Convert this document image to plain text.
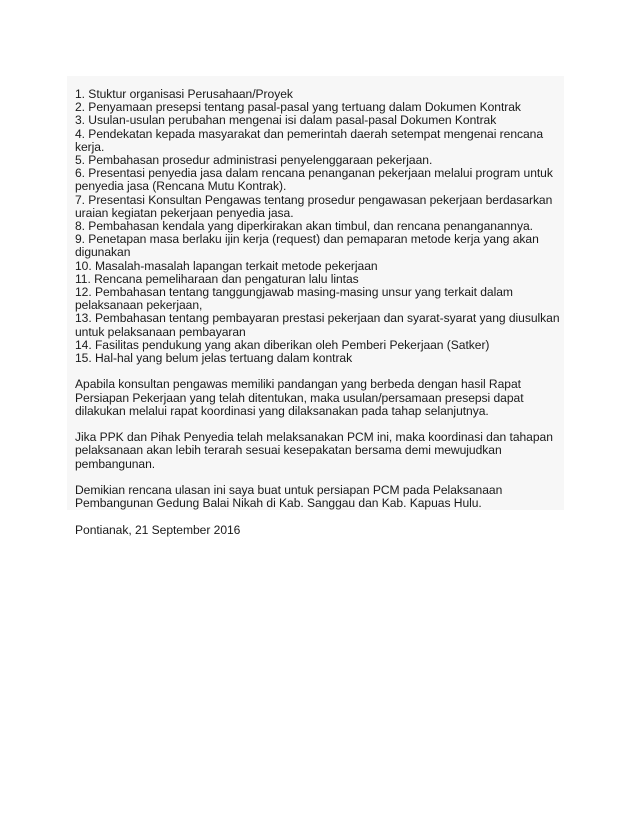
1. Stuktur organisasi Perusahaan/Proyek
2. Penyamaan presepsi tentang pasal-pasal yang tertuang dalam Dokumen Kontrak
3. Usulan-usulan perubahan mengenai isi dalam pasal-pasal Dokumen Kontrak
4. Pendekatan kepada masyarakat dan pemerintah daerah setempat mengenai rencana kerja.
5. Pembahasan prosedur administrasi penyelenggaraan pekerjaan.
6. Presentasi penyedia jasa dalam rencana penanganan pekerjaan melalui program untuk penyedia jasa (Rencana Mutu Kontrak).
7. Presentasi Konsultan Pengawas tentang prosedur pengawasan pekerjaan berdasarkan uraian kegiatan pekerjaan penyedia jasa.
8. Pembahasan kendala yang diperkirakan akan timbul, dan rencana penanganannya.
9. Penetapan masa berlaku ijin kerja (request) dan pemaparan metode kerja yang akan digunakan
10. Masalah-masalah lapangan terkait metode pekerjaan
11. Rencana pemeliharaan dan pengaturan lalu lintas
12. Pembahasan tentang tanggungjawab masing-masing unsur yang terkait dalam pelaksanaan pekerjaan,
13. Pembahasan tentang pembayaran prestasi pekerjaan dan syarat-syarat yang diusulkan untuk pelaksanaan pembayaran
14. Fasilitas pendukung yang akan diberikan oleh Pemberi Pekerjaan (Satker)
15. Hal-hal yang belum jelas tertuang dalam kontrak

Apabila konsultan pengawas memiliki pandangan yang berbeda dengan hasil Rapat Persiapan Pekerjaan yang telah ditentukan, maka usulan/persamaan presepsi dapat dilakukan melalui rapat koordinasi yang dilaksanakan pada tahap selanjutnya.

Jika PPK dan Pihak Penyedia telah melaksanakan PCM ini, maka koordinasi dan tahapan pelaksanaan akan lebih terarah sesuai kesepakatan bersama demi mewujudkan pembangunan.

Demikian rencana ulasan ini saya buat untuk persiapan PCM pada Pelaksanaan Pembangunan Gedung Balai Nikah di Kab. Sanggau dan Kab. Kapuas Hulu.

Pontianak, 21 September 2016
